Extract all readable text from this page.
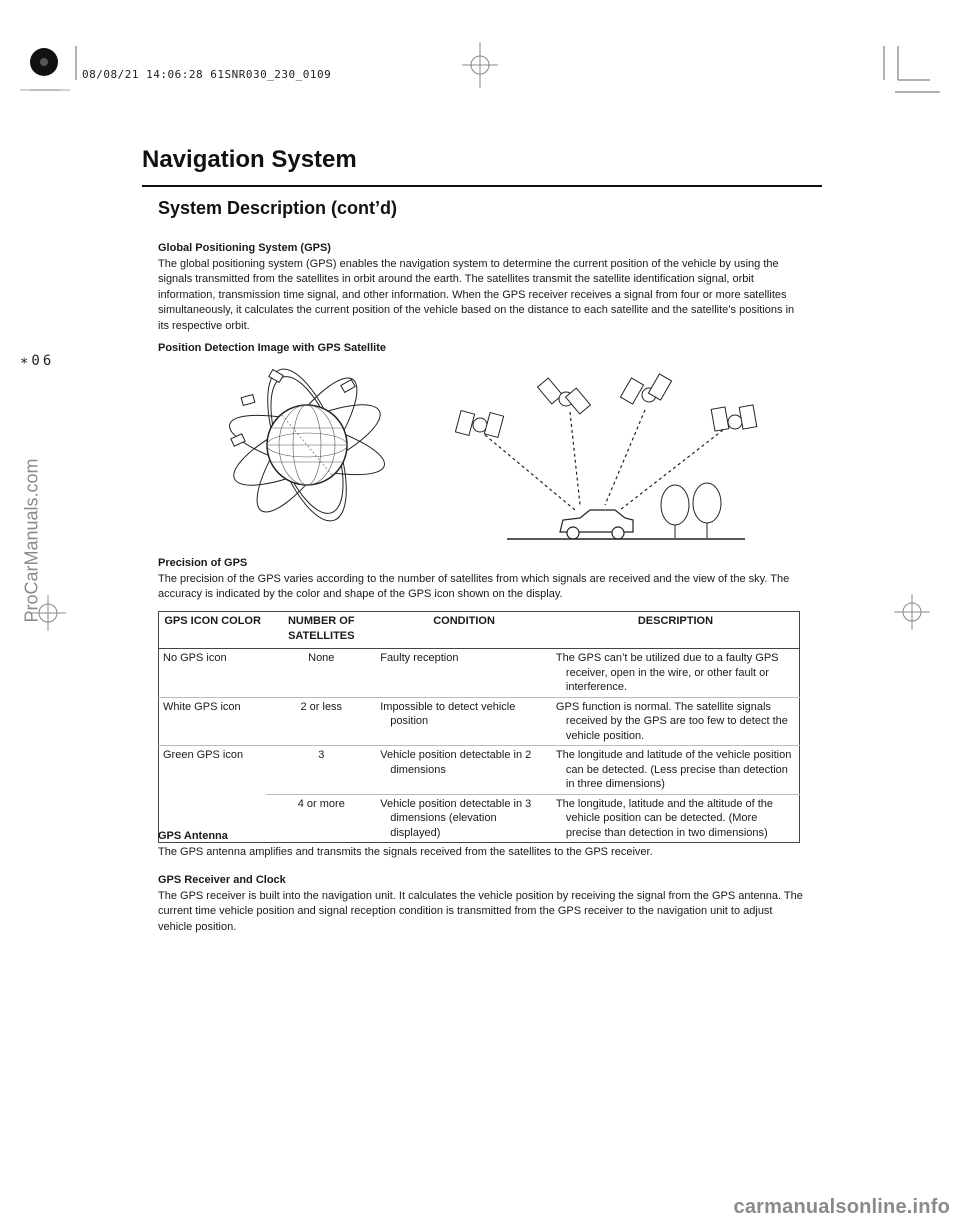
08/08/21 14:06:28 61SNR030_230_0109
∗06
ProCarManuals.com
carmanualsonline.info
Navigation System
System Description (cont’d)
Global Positioning System (GPS)
The global positioning system (GPS) enables the navigation system to determine the current position of the vehicle by using the signals transmitted from the satellites in orbit around the earth. The satellites transmit the satellite identification signal, orbit information, transmission time signal, and other information. When the GPS receiver receives a signal from four or more satellites simultaneously, it calculates the current position of the vehicle based on the distance to each satellite and the satellite’s positions in its respective orbit.
Position Detection Image with GPS Satellite
Precision of GPS
The precision of the GPS varies according to the number of satellites from which signals are received and the view of the sky. The accuracy is indicated by the color and shape of the GPS icon shown on the display.
GPS ICON COLOR	NUMBER OF SATELLITES	CONDITION	DESCRIPTION
No GPS icon	None	Faulty reception	The GPS can’t be utilized due to a faulty GPS receiver, open in the wire, or other fault or interference.

White GPS icon	2 or less	Impossible to detect vehicle position	GPS function is normal. The satellite signals received by the GPS are too few to detect the vehicle position.

Green GPS icon	3	Vehicle position detectable in 2 dimensions	The longitude and latitude of the vehicle position can be detected. (Less precise than detection in three dimensions)

	4 or more	Vehicle position detectable in 3 dimensions (elevation displayed)	The longitude, latitude and the altitude of the vehicle position can be detected. (More precise than detection in two dimensions)
GPS Antenna
The GPS antenna amplifies and transmits the signals received from the satellites to the GPS receiver.
GPS Receiver and Clock
The GPS receiver is built into the navigation unit. It calculates the vehicle position by receiving the signal from the GPS antenna. The current time vehicle position and signal reception condition is transmitted from the GPS receiver to the navigation unit to adjust vehicle position.
